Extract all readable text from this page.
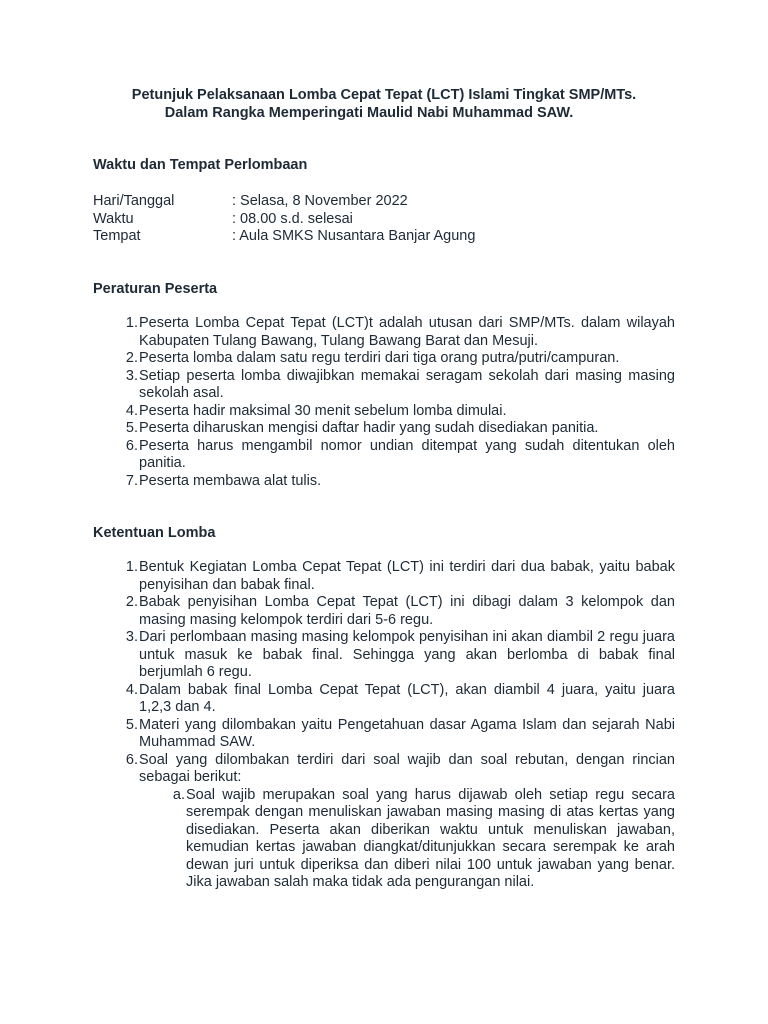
Petunjuk Pelaksanaan Lomba Cepat Tepat (LCT) Islami Tingkat SMP/MTs.

Dalam Rangka Memperingati Maulid Nabi Muhammad SAW.
Waktu dan Tempat Perlombaan
Hari/Tanggal	: Selasa, 8 November 2022
Waktu	: 08.00 s.d. selesai
Tempat	: Aula SMKS Nusantara Banjar Agung
Peraturan Peserta
1. Peserta Lomba Cepat Tepat (LCT)t adalah utusan dari SMP/MTs. dalam wilayah Kabupaten Tulang Bawang, Tulang Bawang Barat dan Mesuji.
2. Peserta lomba dalam satu regu terdiri dari tiga orang putra/putri/campuran.
3. Setiap peserta lomba diwajibkan memakai seragam sekolah dari masing masing sekolah asal.
4. Peserta hadir maksimal 30 menit sebelum lomba dimulai.
5. Peserta diharuskan mengisi daftar hadir yang sudah disediakan panitia.
6. Peserta harus mengambil nomor undian ditempat yang sudah ditentukan oleh panitia.
7. Peserta membawa alat tulis.
Ketentuan Lomba
1. Bentuk Kegiatan Lomba Cepat Tepat (LCT) ini terdiri dari dua babak, yaitu babak penyisihan dan babak final.
2. Babak penyisihan Lomba Cepat Tepat (LCT) ini dibagi dalam 3 kelompok dan masing masing kelompok terdiri dari 5-6 regu.
3. Dari perlombaan masing masing kelompok penyisihan ini akan diambil 2 regu juara untuk masuk ke babak final. Sehingga yang akan berlomba di babak final berjumlah 6 regu.
4. Dalam babak final Lomba Cepat Tepat (LCT), akan diambil 4 juara, yaitu juara 1,2,3 dan 4.
5. Materi yang dilombakan yaitu Pengetahuan dasar Agama Islam dan sejarah Nabi Muhammad SAW.
6. Soal yang dilombakan terdiri dari soal wajib dan soal rebutan, dengan rincian sebagai berikut:
a. Soal wajib merupakan soal yang harus dijawab oleh setiap regu secara serempak dengan menuliskan jawaban masing masing di atas kertas yang disediakan. Peserta akan diberikan waktu untuk menuliskan jawaban, kemudian kertas jawaban diangkat/ditunjukkan secara serempak ke arah dewan juri untuk diperiksa dan diberi nilai 100 untuk jawaban yang benar. Jika jawaban salah maka tidak ada pengurangan nilai.
